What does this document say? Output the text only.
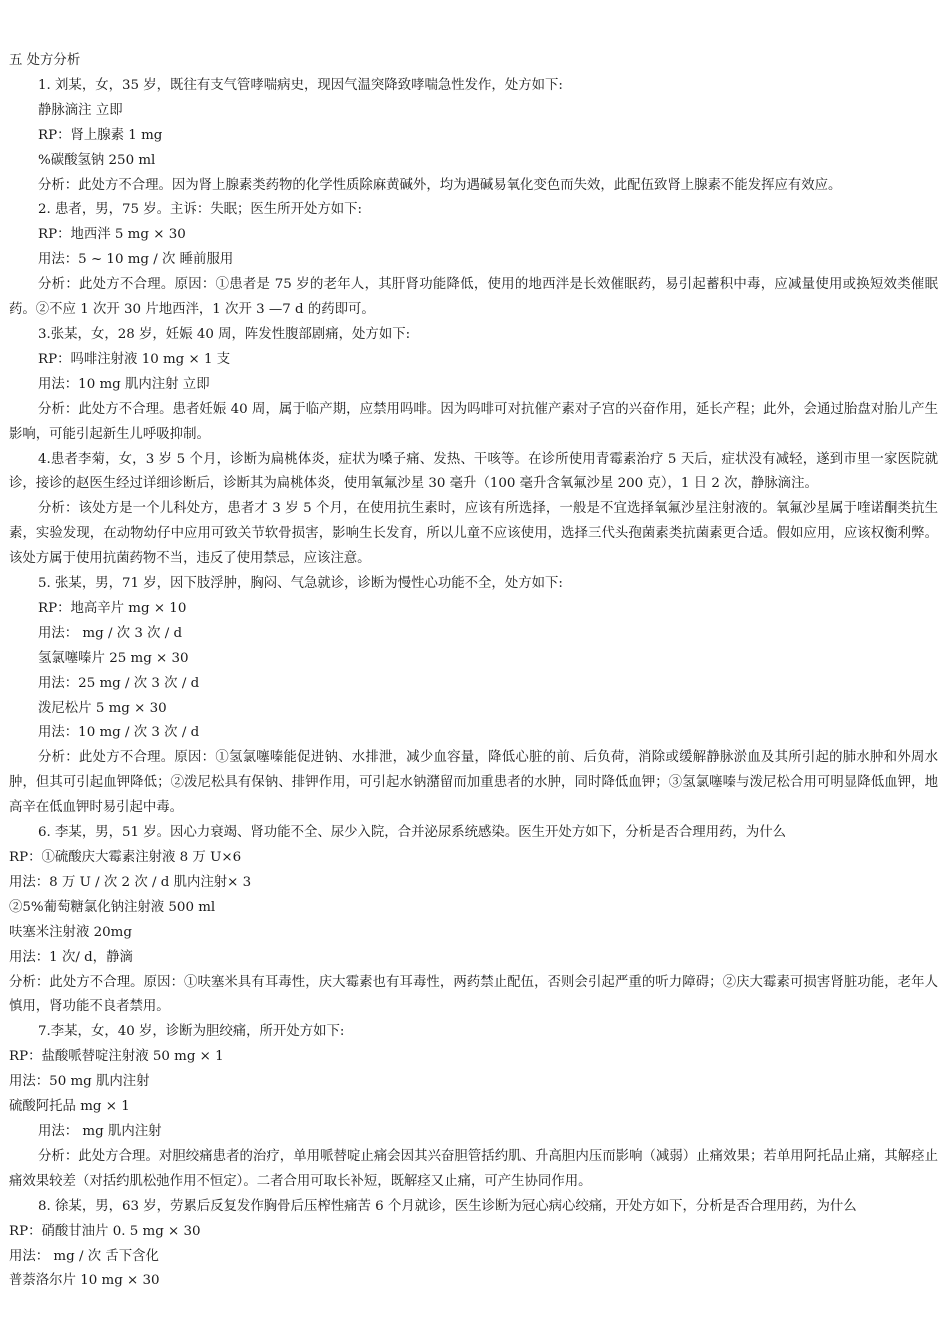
五 处方分析

1. 刘某，女，35 岁，既往有支气管哮喘病史，现因气温突降致哮喘急性发作，处方如下:

静脉滴注 立即

RP：肾上腺素 1 mg

%碳酸氢钠 250 ml

分析：此处方不合理。因为肾上腺素类药物的化学性质除麻黄碱外，均为遇碱易氧化变色而失效，此配伍致肾上腺素不能发挥应有效应。

2. 患者，男，75 岁。主诉：失眠；医生所开处方如下:

RP：地西泮 5 mg × 30

用法：5 ~ 10 mg / 次 睡前服用

分析：此处方不合理。原因：①患者是 75 岁的老年人，其肝肾功能降低，使用的地西泮是长效催眠药，易引起蓄积中毒，应减量使用或换短效类催眠药。②不应 1 次开 30 片地西泮，1 次开 3 —7 d 的药即可。

3.张某，女，28 岁，妊娠 40 周，阵发性腹部剧痛，处方如下:

RP：吗啡注射液 10 mg × 1 支

用法：10 mg 肌内注射 立即

分析：此处方不合理。患者妊娠 40 周，属于临产期，应禁用吗啡。因为吗啡可对抗催产素对子宫的兴奋作用，延长产程；此外，会通过胎盘对胎儿产生影响，可能引起新生儿呼吸抑制。

4.患者李菊，女，3 岁 5 个月，诊断为扁桃体炎，症状为嗓子痛、发热、干咳等。在诊所使用青霉素治疗 5 天后，症状没有减轻，遂到市里一家医院就诊，接诊的赵医生经过详细诊断后，诊断其为扁桃体炎，使用氧氟沙星 30 毫升（100 毫升含氧氟沙星 200 克），1 日 2 次，静脉滴注。

分析：该处方是一个儿科处方，患者才 3 岁 5 个月，在使用抗生素时，应该有所选择，一般是不宜选择氧氟沙星注射液的。氧氟沙星属于喹诺酮类抗生素，实验发现，在动物幼仔中应用可致关节软骨损害，影响生长发育，所以儿童不应该使用，选择三代头孢菌素类抗菌素更合适。假如应用，应该权衡利弊。该处方属于使用抗菌药物不当，违反了使用禁忌，应该注意。

5. 张某，男，71 岁，因下肢浮肿，胸闷、气急就诊，诊断为慢性心功能不全，处方如下:

RP：地高辛片 mg × 10

用法： mg / 次 3 次 / d

氢氯噻嗪片 25 mg × 30

用法：25 mg / 次 3 次 / d

泼尼松片 5 mg × 30

用法：10 mg / 次 3 次 / d

分析：此处方不合理。原因：①氢氯噻嗪能促进钠、水排泄，减少血容量，降低心脏的前、后负荷，消除或缓解静脉淤血及其所引起的肺水肿和外周水肿，但其可引起血钾降低；②泼尼松具有保钠、排钾作用，可引起水钠潴留而加重患者的水肿，同时降低血钾；③氢氯噻嗪与泼尼松合用可明显降低血钾，地高辛在低血钾时易引起中毒。

6. 李某，男，51 岁。因心力衰竭、肾功能不全、尿少入院，合并泌尿系统感染。医生开处方如下，分析是否合理用药，为什么

RP：①硫酸庆大霉素注射液 8 万 U×6

用法：8 万 U / 次 2 次 / d 肌内注射× 3

②5%葡萄糖氯化钠注射液 500 ml

呋塞米注射液 20mg

用法：1 次/ d，静滴

分析：此处方不合理。原因：①呋塞米具有耳毒性，庆大霉素也有耳毒性，两药禁止配伍，否则会引起严重的听力障碍；②庆大霉素可损害肾脏功能，老年人慎用，肾功能不良者禁用。

7.李某，女，40 岁，诊断为胆绞痛，所开处方如下:

RP：盐酸哌替啶注射液 50 mg × 1

用法：50 mg 肌内注射

硫酸阿托品 mg × 1

用法： mg 肌内注射

分析：此处方合理。对胆绞痛患者的治疗，单用哌替啶止痛会因其兴奋胆管括约肌、升高胆内压而影响（减弱）止痛效果；若单用阿托品止痛，其解痉止痛效果较差（对括约肌松弛作用不恒定）。二者合用可取长补短，既解痉又止痛，可产生协同作用。

8. 徐某，男，63 岁，劳累后反复发作胸骨后压榨性痛苦 6 个月就诊，医生诊断为冠心病心绞痛，开处方如下，分析是否合理用药，为什么

RP：硝酸甘油片 0. 5 mg × 30

用法： mg / 次 舌下含化

普萘洛尔片 10 mg × 30
